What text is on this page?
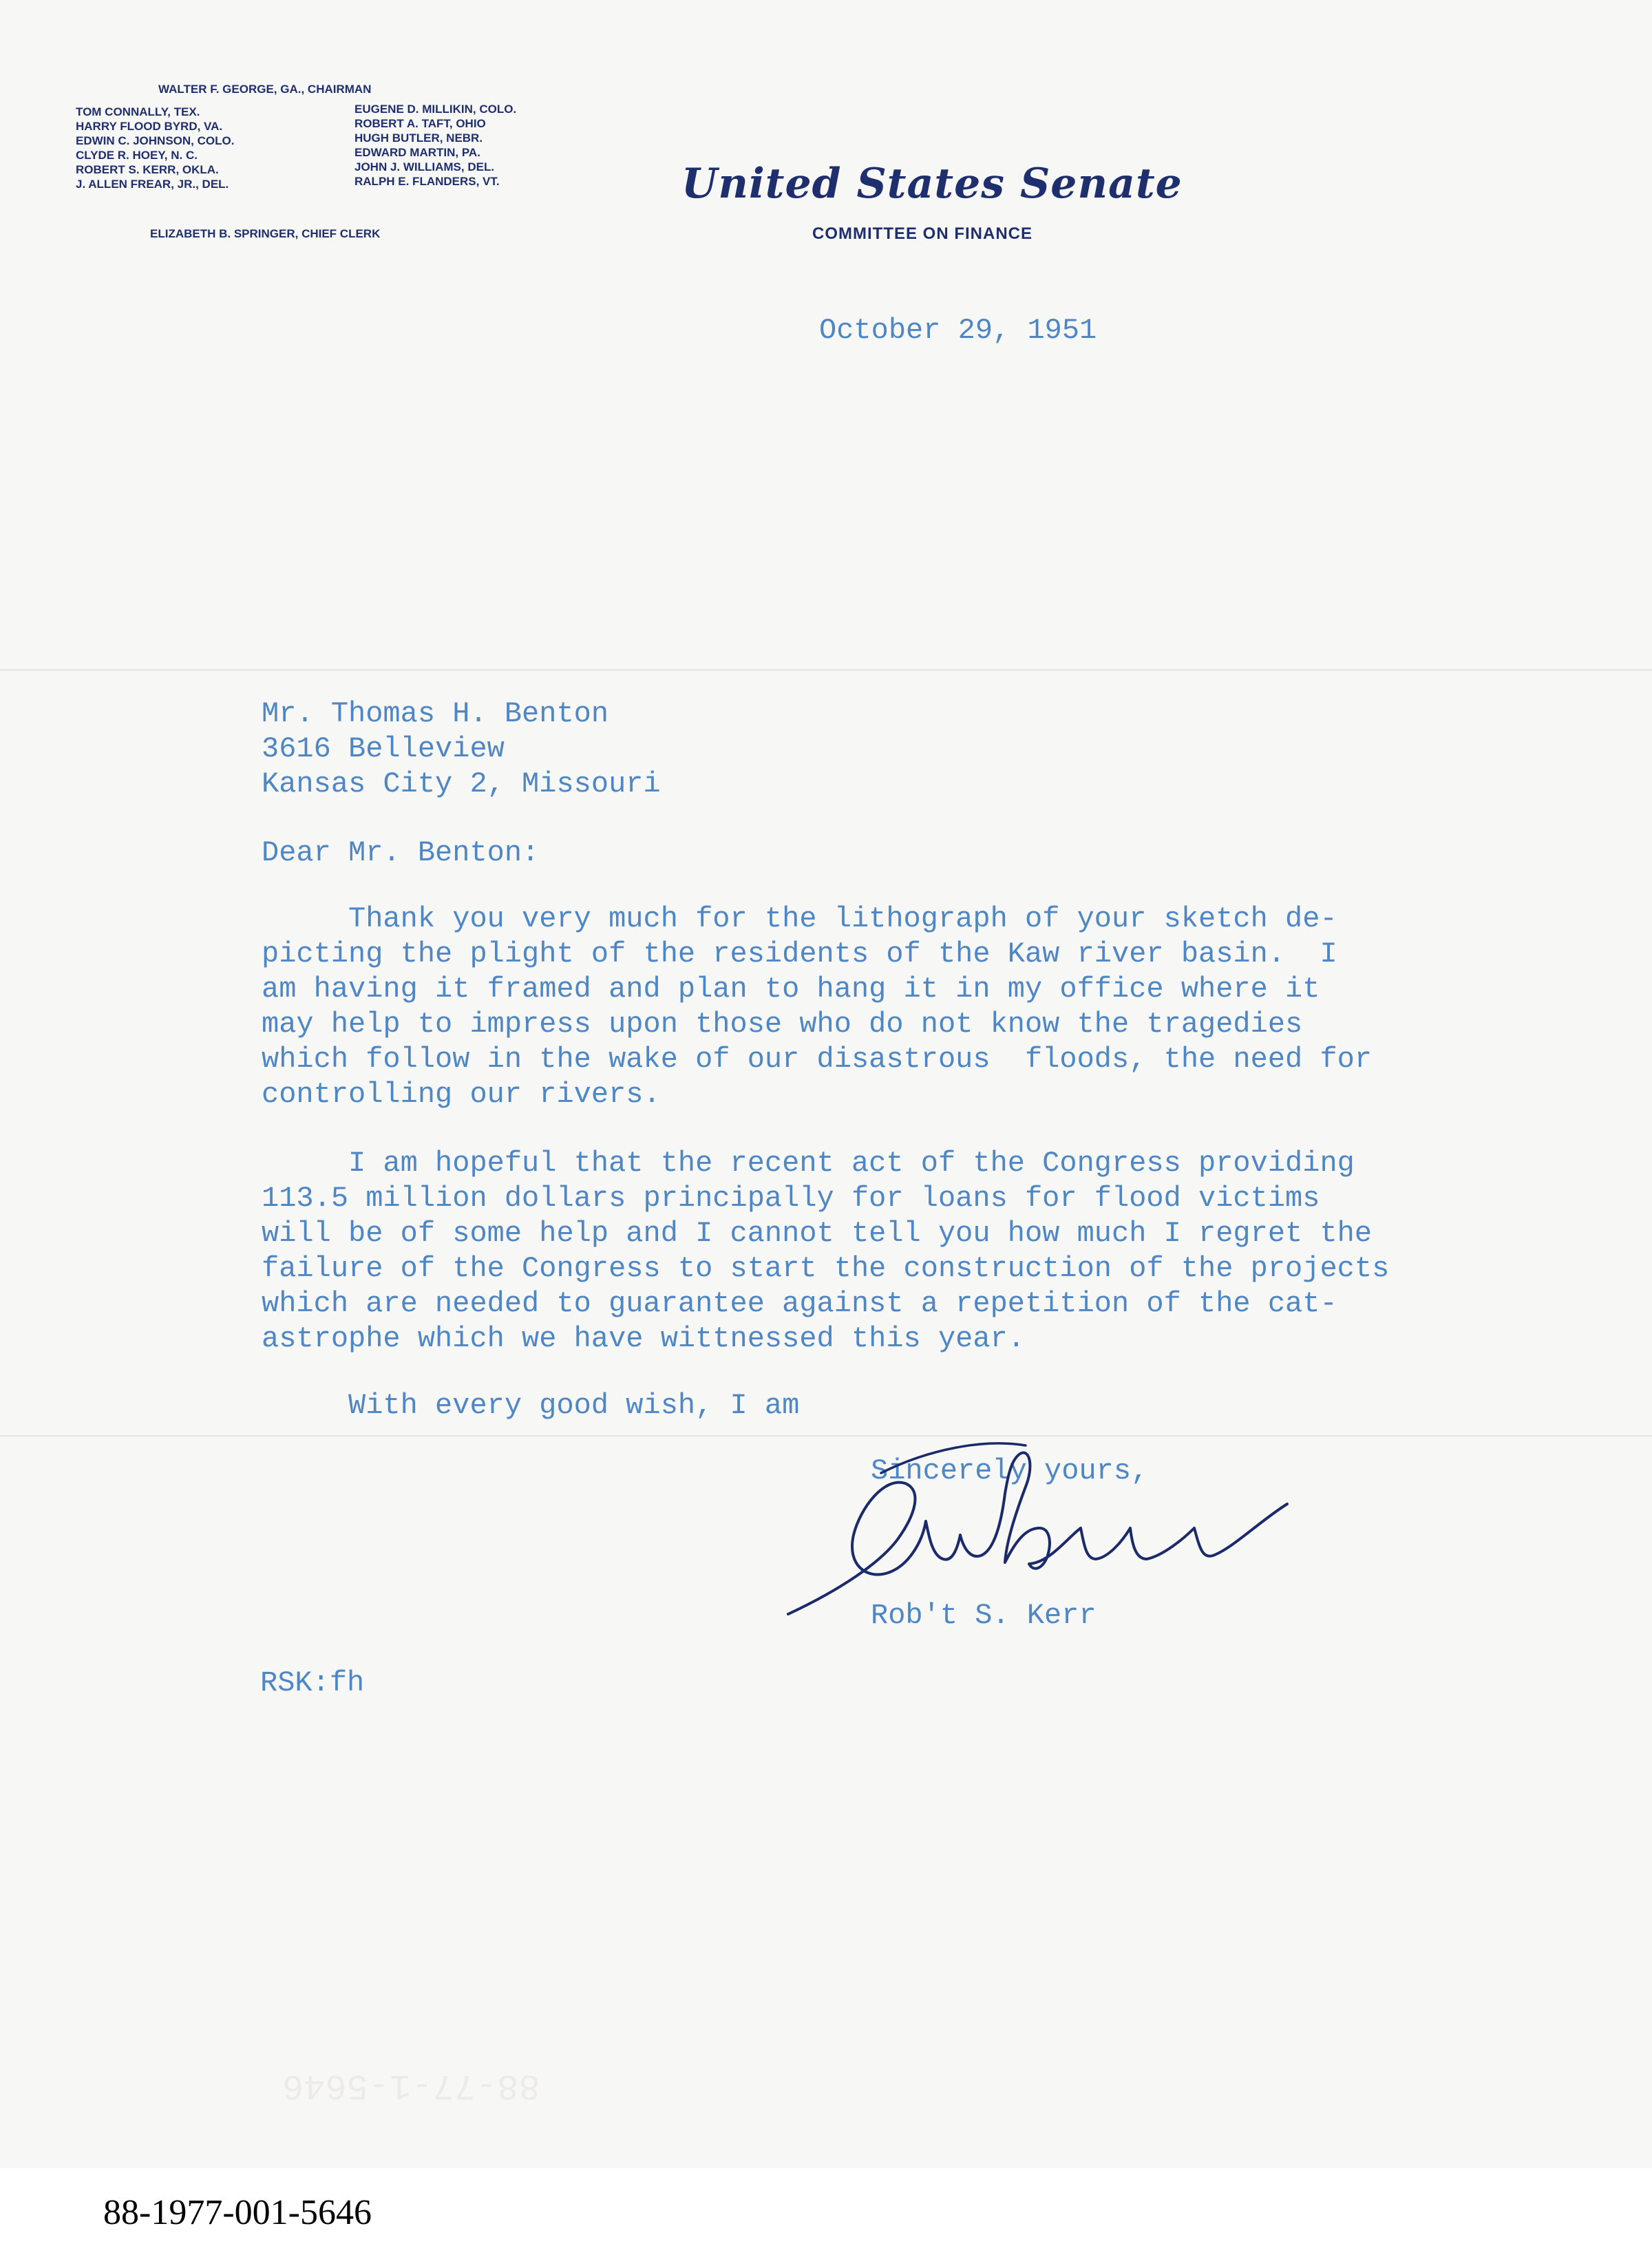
WALTER F. GEORGE, GA., CHAIRMAN
TOM CONNALLY, TEX.
HARRY FLOOD BYRD, VA.
EDWIN C. JOHNSON, COLO.
CLYDE R. HOEY, N. C.
ROBERT S. KERR, OKLA.
J. ALLEN FREAR, JR., DEL.
EUGENE D. MILLIKIN, COLO.
ROBERT A. TAFT, OHIO
HUGH BUTLER, NEBR.
EDWARD MARTIN, PA.
JOHN J. WILLIAMS, DEL.
RALPH E. FLANDERS, VT.
ELIZABETH B. SPRINGER, CHIEF CLERK
United States Senate
COMMITTEE ON FINANCE
October 29, 1951
Mr. Thomas H. Benton
3616 Belleview
Kansas City 2, Missouri
Dear Mr. Benton:
Thank you very much for the lithograph of your sketch de-
picting the plight of the residents of the Kaw river basin.  I
am having it framed and plan to hang it in my office where it
may help to impress upon those who do not know the tragedies
which follow in the wake of our disastrous  floods, the need for
controlling our rivers.
I am hopeful that the recent act of the Congress providing
113.5 million dollars principally for loans for flood victims
will be of some help and I cannot tell you how much I regret the
failure of the Congress to start the construction of the projects
which are needed to guarantee against a repetition of the cat-
astrophe which we have wittnessed this year.
With every good wish, I am
Sincerely yours,
Rob't S. Kerr
RSK:fh
88-77-1-5646
88-1977-001-5646
